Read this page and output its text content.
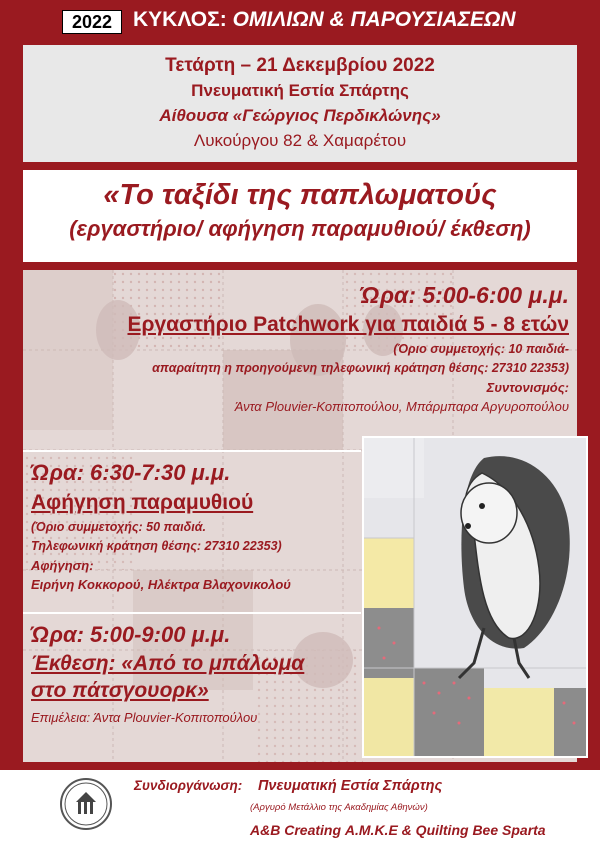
2022 ΚΥΚΛΟΣ: ΟΜΙΛΙΩΝ & ΠΑΡΟΥΣΙΑΣΕΩΝ
Τετάρτη – 21 Δεκεμβρίου 2022
Πνευματική Εστία Σπάρτης
Αίθουσα «Γεώργιος Περδικλώνης»
Λυκούργου 82 & Χαμαρέτου
«Το ταξίδι της παπλωματούς
(εργαστήριο/ αφήγηση παραμυθιού/ έκθεση)
Ώρα: 5:00-6:00 μ.μ.
Εργαστήριο Patchwork για παιδιά 5 - 8 ετών
(Όριο συμμετοχής: 10 παιδιά-
απαραίτητη η προηγούμενη τηλεφωνική κράτηση θέσης: 27310 22353)
Συντονισμός:
Άντα Plouvier-Κοπιτοπούλου, Μπάρμπαρα Αργυροπούλου
Ώρα: 6:30-7:30 μ.μ.
Αφήγηση παραμυθιού
(Όριο συμμετοχής: 50 παιδιά.
Τηλεφωνική κράτηση θέσης: 27310 22353)
Αφήγηση:
Ειρήνη Κοκκορού, Ηλέκτρα Βλαχονικολού
Ώρα: 5:00-9:00 μ.μ.
Έκθεση: «Από το μπάλωμα
στο πάτσγουορκ»
Επιμέλεια: Άντα Plouvier-Κοπιτοπούλου
Συνδιοργάνωση: Πνευματική Εστία Σπάρτης
(Αργυρό Μετάλλιο της Ακαδημίας Αθηνών)
A&B Creating Α.Μ.Κ.Ε & Quilting Bee Sparta
